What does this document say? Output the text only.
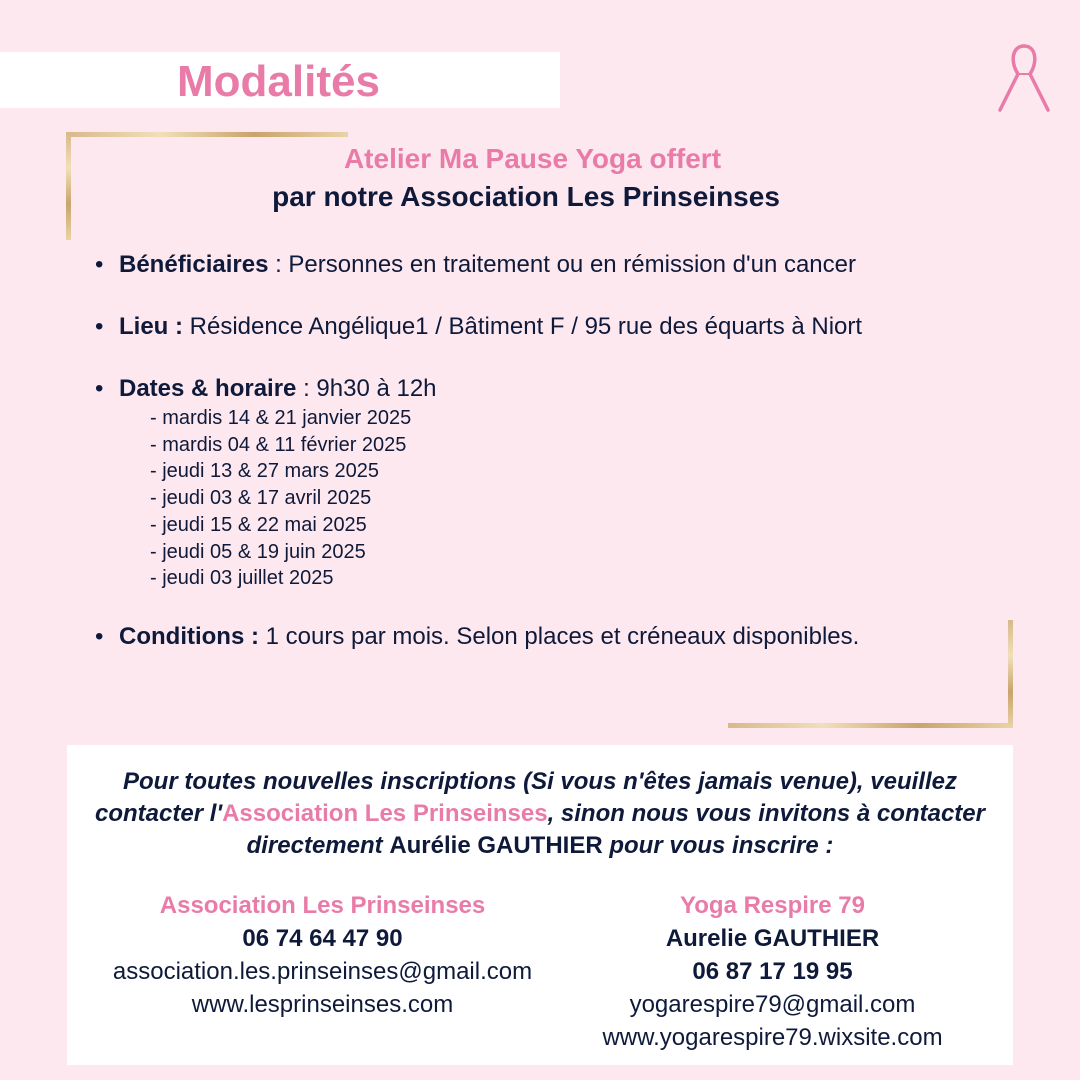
Modalités
Atelier Ma Pause Yoga offert
par notre Association Les Prinseinses
• Bénéficiaires : Personnes en traitement ou en rémission d'un cancer
• Lieu : Résidence Angélique1 / Bâtiment F / 95 rue des équarts à Niort
• Dates & horaire : 9h30 à 12h
- mardis 14 & 21 janvier 2025
- mardis 04 & 11 février 2025
- jeudi 13 & 27 mars 2025
- jeudi 03 & 17 avril 2025
- jeudi 15 & 22 mai 2025
- jeudi 05 & 19 juin 2025
- jeudi 03 juillet 2025
• Conditions : 1 cours par mois. Selon places et créneaux disponibles.
Pour toutes nouvelles inscriptions (Si vous n'êtes jamais venue), veuillez contacter l'Association Les Prinseinses, sinon nous vous invitons à contacter directement Aurélie GAUTHIER pour vous inscrire :
Association Les Prinseinses
06 74 64 47 90
association.les.prinseinses@gmail.com
www.lesprinseinses.com
Yoga Respire 79
Aurelie GAUTHIER
06 87 17 19 95
yogarespire79@gmail.com
www.yogarespire79.wixsite.com
